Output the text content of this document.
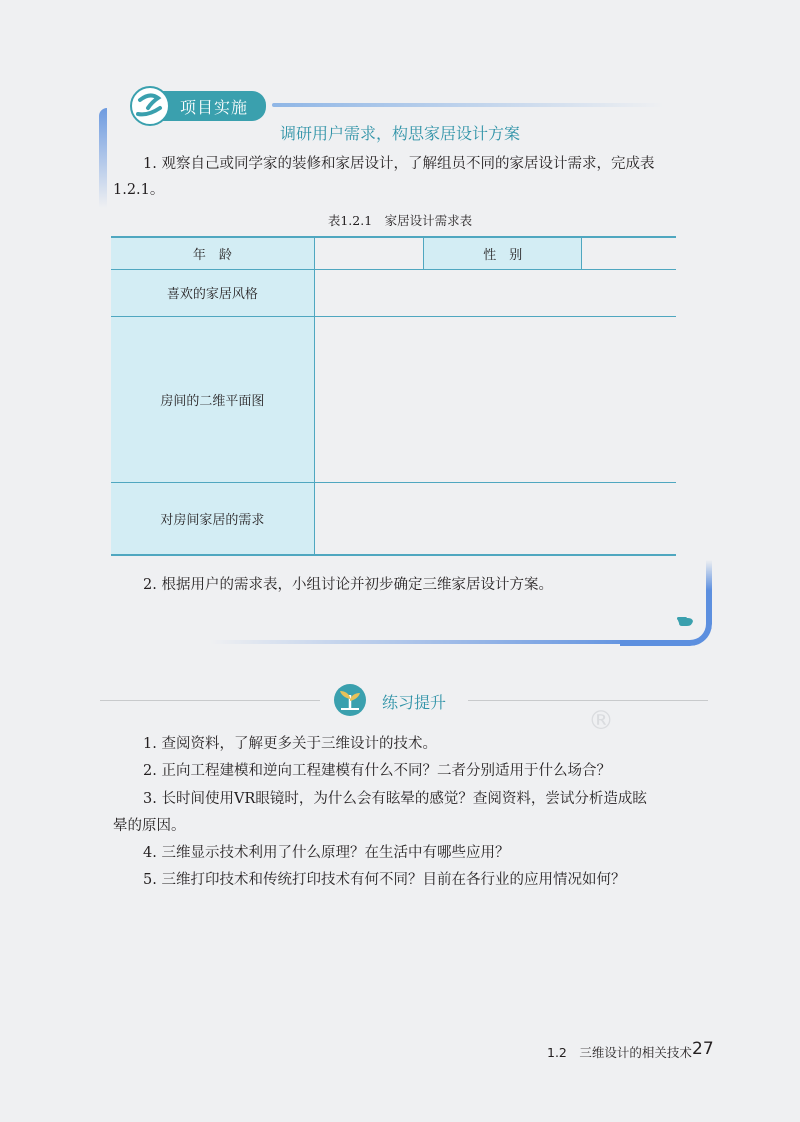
项目实施
调研用户需求，构思家居设计方案
1. 观察自己或同学家的装修和家居设计，了解组员不同的家居设计需求，完成表
1.2.1。
表1.2.1　家居设计需求表
年　龄		性　别	
喜欢的家居风格			
房间的二维平面图			
对房间家居的需求			
2. 根据用户的需求表，小组讨论并初步确定三维家居设计方案。
练习提升
®
1. 查阅资料，了解更多关于三维设计的技术。
2. 正向工程建模和逆向工程建模有什么不同？二者分别适用于什么场合？
3. 长时间使用VR眼镜时，为什么会有眩晕的感觉？查阅资料，尝试分析造成眩
晕的原因。
4. 三维显示技术利用了什么原理？在生活中有哪些应用？
5. 三维打印技术和传统打印技术有何不同？目前在各行业的应用情况如何？
1.2　三维设计的相关技术 27
